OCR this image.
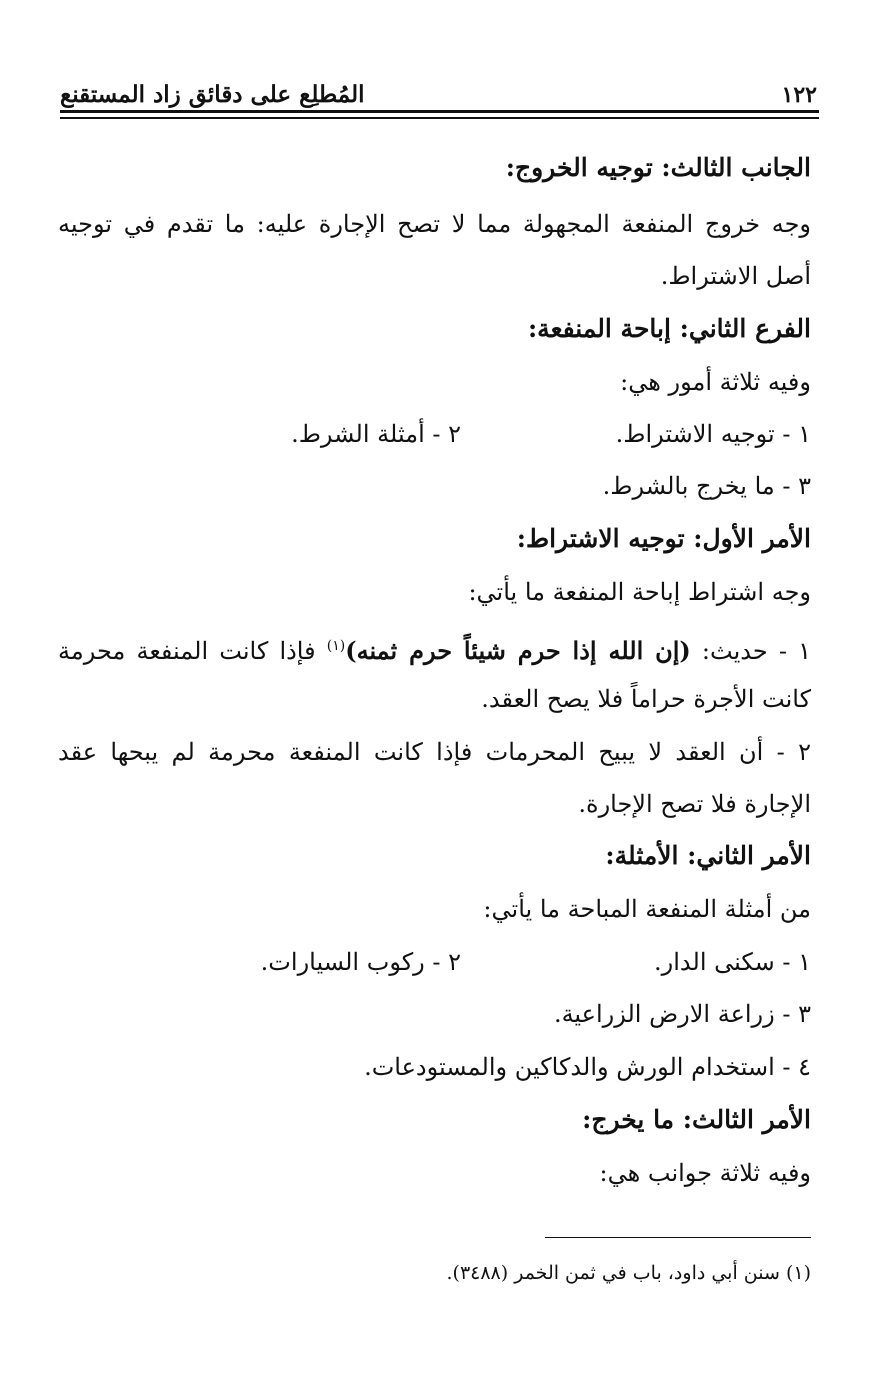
١٢٢
المُطلِع على دقائق زاد المستقنع
الجانب الثالث: توجيه الخروج:
وجه خروج المنفعة المجهولة مما لا تصح الإجارة عليه: ما تقدم في توجيه
أصل الاشتراط.
الفرع الثاني: إباحة المنفعة:
وفيه ثلاثة أمور هي:
١ - توجيه الاشتراط.
٢ - أمثلة الشرط.
٣ - ما يخرج بالشرط.
الأمر الأول: توجيه الاشتراط:
وجه اشتراط إباحة المنفعة ما يأتي:
١ - حديث: (إن الله إذا حرم شيئاً حرم ثمنه)$^{(١)}$ فإذا كانت المنفعة محرمة
كانت الأجرة حراماً فلا يصح العقد.
٢ - أن العقد لا يبيح المحرمات فإذا كانت المنفعة محرمة لم يبحها عقد
الإجارة فلا تصح الإجارة.
الأمر الثاني: الأمثلة:
من أمثلة المنفعة المباحة ما يأتي:
١ - سكنى الدار.
٢ - ركوب السيارات.
٣ - زراعة الارض الزراعية.
٤ - استخدام الورش والدكاكين والمستودعات.
الأمر الثالث: ما يخرج:
وفيه ثلاثة جوانب هي:
(١) سنن أبي داود، باب في ثمن الخمر (٣٤٨٨).
